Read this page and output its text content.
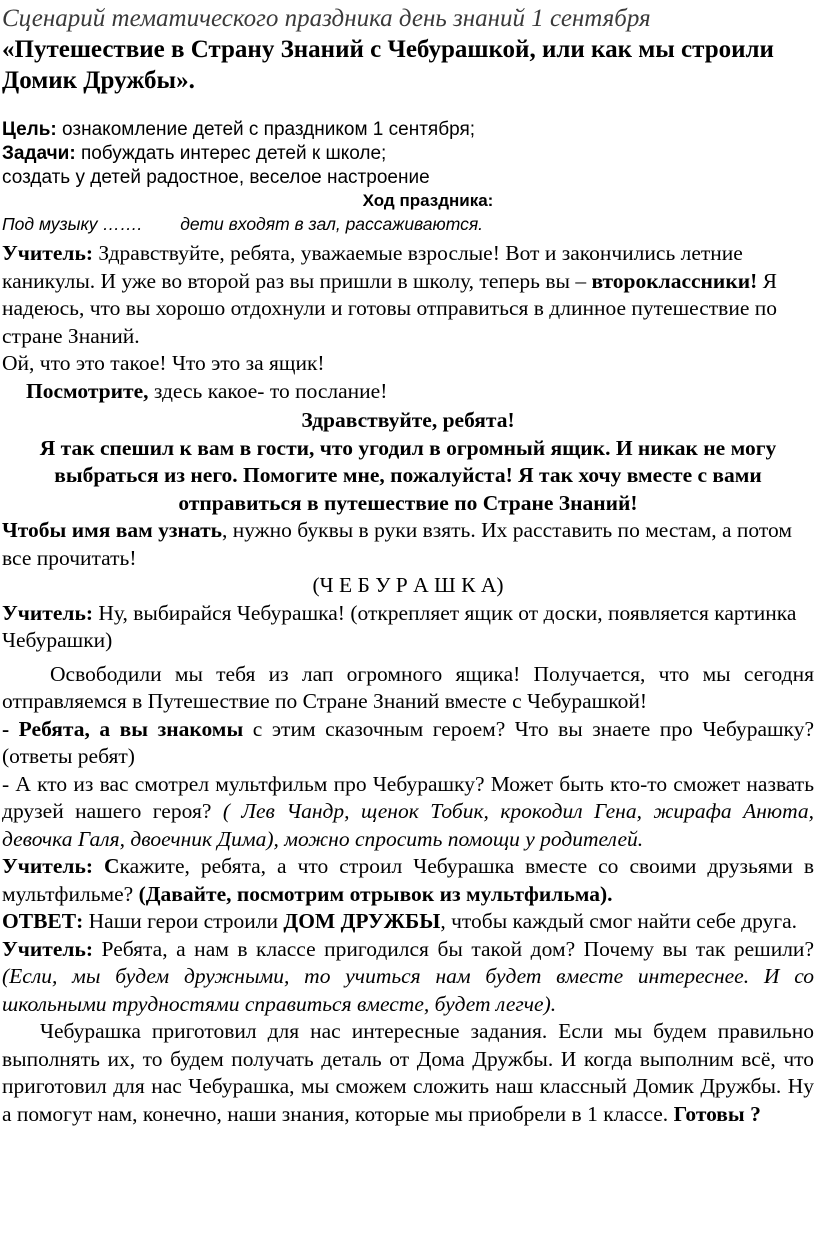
Сценарий тематического праздника день знаний 1 сентября

«Путешествие в Страну Знаний с Чебурашкой, или как мы строили Домик Дружбы».

Цель: ознакомление детей с праздником 1 сентября;

Задачи: побуждать интерес детей к школе;

создать у детей радостное, веселое настроение

Ход праздника:

Под музыку ……. дети входят в зал, рассаживаются.

Учитель: Здравствуйте, ребята, уважаемые взрослые! Вот и закончились летние каникулы. И уже во второй раз вы пришли в школу, теперь вы – второклассники! Я надеюсь, что вы хорошо отдохнули и готовы отправиться в длинное путешествие по стране Знаний.

Ой, что это такое! Что это за ящик!

Посмотрите, здесь какое- то послание!

Здравствуйте, ребята!

Я так спешил к вам в гости, что угодил в огромный ящик. И никак не могу выбраться из него. Помогите мне, пожалуйста! Я так хочу вместе с вами отправиться в путешествие по Стране Знаний!

Чтобы имя вам узнать, нужно буквы в руки взять. Их расставить по местам, а потом все прочитать!

(Ч Е Б У Р А Ш К А)

Учитель: Ну, выбирайся Чебурашка! (открепляет ящик от доски, появляется картинка Чебурашки)

Освободили мы тебя из лап огромного ящика! Получается, что мы сегодня отправляемся в Путешествие по Стране Знаний вместе с Чебурашкой!

- Ребята, а вы знакомы с этим сказочным героем? Что вы знаете про Чебурашку? (ответы ребят)

- А кто из вас смотрел мультфильм про Чебурашку? Может быть кто-то сможет назвать друзей нашего героя? ( Лев Чандр, щенок Тобик, крокодил Гена, жирафа Анюта, девочка Галя, двоечник Дима), можно спросить помощи у родителей.

Учитель: Скажите, ребята, а что строил Чебурашка вместе со своими друзьями в мультфильме? (Давайте, посмотрим отрывок из мультфильма).

ОТВЕТ: Наши герои строили ДОМ ДРУЖБЫ, чтобы каждый смог найти себе друга.

Учитель: Ребята, а нам в классе пригодился бы такой дом? Почему вы так решили? (Если, мы будем дружными, то учиться нам будет вместе интереснее. И со школьными трудностями справиться вместе, будет легче).

Чебурашка приготовил для нас интересные задания. Если мы будем правильно выполнять их, то будем получать деталь от Дома Дружбы. И когда выполним всё, что приготовил для нас Чебурашка, мы сможем сложить наш классный Домик Дружбы. Ну а помогут нам, конечно, наши знания, которые мы приобрели в 1 классе. Готовы ?
